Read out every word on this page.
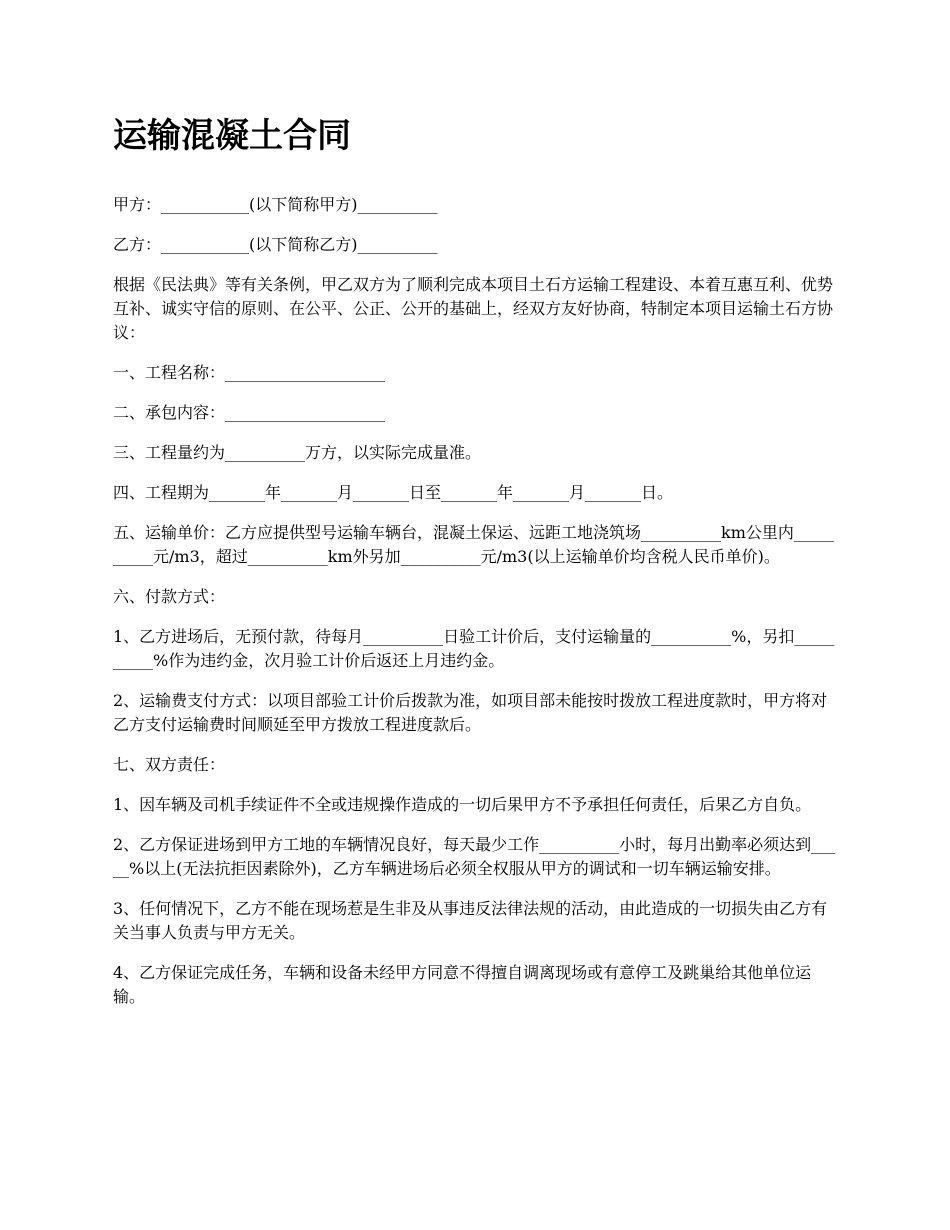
运输混凝土合同

甲方：___________(以下简称甲方)__________

乙方：___________(以下简称乙方)__________

根据《民法典》等有关条例，甲乙双方为了顺利完成本项目土石方运输工程建设、本着互惠互利、优势互补、诚实守信的原则、在公平、公正、公开的基础上，经双方友好协商，特制定本项目运输土石方协议：

一、工程名称：____________________

二、承包内容：____________________

三、工程量约为__________万方，以实际完成量准。

四、工程期为_______年_______月_______日至_______年_______月_______日。

五、运输单价：乙方应提供型号运输车辆台，混凝土保运、远距工地浇筑场__________km公里内__________元/m3，超过__________km外另加__________元/m3(以上运输单价均含税人民币单价)。

六、付款方式：

1、乙方进场后，无预付款，待每月__________日验工计价后，支付运输量的__________%，另扣__________%作为违约金，次月验工计价后返还上月违约金。

2、运输费支付方式：以项目部验工计价后拨款为准，如项目部未能按时拨放工程进度款时，甲方将对乙方支付运输费时间顺延至甲方拨放工程进度款后。

七、双方责任：

1、因车辆及司机手续证件不全或违规操作造成的一切后果甲方不予承担任何责任，后果乙方自负。

2、乙方保证进场到甲方工地的车辆情况良好，每天最少工作__________小时，每月出勤率必须达到_____%以上(无法抗拒因素除外)，乙方车辆进场后必须全权服从甲方的调试和一切车辆运输安排。

3、任何情况下，乙方不能在现场惹是生非及从事违反法律法规的活动，由此造成的一切损失由乙方有关当事人负责与甲方无关。

4、乙方保证完成任务，车辆和设备未经甲方同意不得擅自调离现场或有意停工及跳巢给其他单位运输。
